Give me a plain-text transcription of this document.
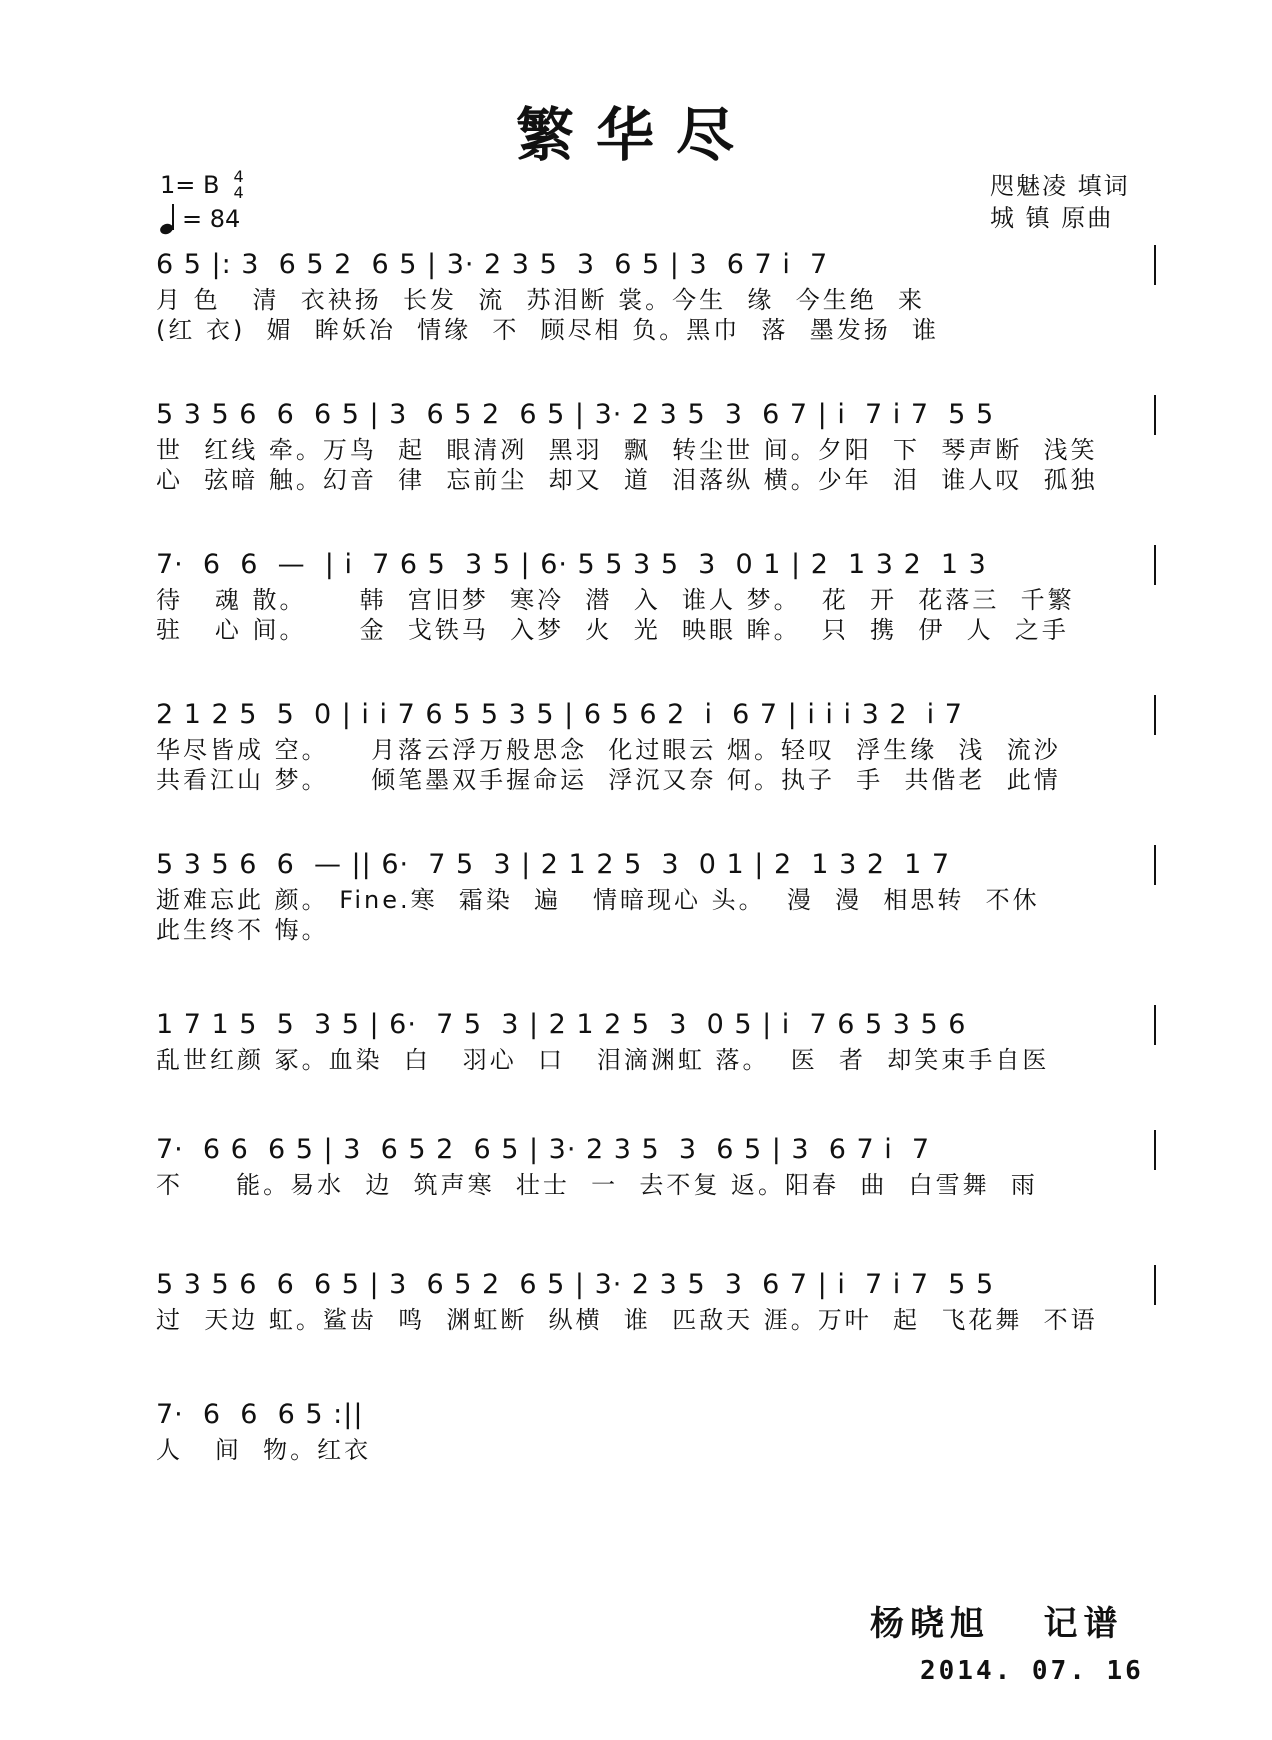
繁华尽
1= B 4
4
= 84
咫魅凌 填词
城 镇 原曲
6 5 |: 3  6 5 2  6 5 | 3· 2 3 5  3  6 5 | 3  6 7 i  7
月 色   清  衣袂扬  长发  流  苏泪断 裳。今生  缘  今生绝  来
(红 衣)  媚  眸妖冶  情缘  不  顾尽相 负。黑巾  落  墨发扬  谁
5 3 5 6  6  6 5 | 3  6 5 2  6 5 | 3· 2 3 5  3  6 7 | i  7 i 7  5 5
世  红线 牵。万鸟  起  眼清冽  黑羽  飘  转尘世 间。夕阳  下  琴声断  浅笑
心  弦暗 触。幻音  律  忘前尘  却又  道  泪落纵 横。少年  泪  谁人叹  孤独
7·  6  6  —  | i  7 6 5  3 5 | 6· 5 5 3 5  3  0 1 | 2  1 3 2  1 3
待   魂 散。     韩  宫旧梦  寒冷  潜  入  谁人 梦。  花  开  花落三  千繁
驻   心 间。     金  戈铁马  入梦  火  光  映眼 眸。  只  携  伊  人  之手
2 1 2 5  5  0 | i i 7 6 5 5 3 5 | 6 5 6 2  i  6 7 | i i i 3 2  i 7
华尽皆成 空。    月落云浮万般思念  化过眼云 烟。轻叹  浮生缘  浅  流沙
共看江山 梦。    倾笔墨双手握命运  浮沉又奈 何。执子  手  共偕老  此情
5 3 5 6  6  — || 6·  7 5  3 | 2 1 2 5  3  0 1 | 2  1 3 2  1 7
逝难忘此 颜。 Fine.寒  霜染  遍   情暗现心 头。  漫  漫  相思转  不休
此生终不 悔。
1 7 1 5  5  3 5 | 6·  7 5  3 | 2 1 2 5  3  0 5 | i  7 6 5 3 5 6
乱世红颜 冢。血染  白   羽心  口   泪滴渊虹 落。  医  者  却笑束手自医
7·  6 6  6 5 | 3  6 5 2  6 5 | 3· 2 3 5  3  6 5 | 3  6 7 i  7
不     能。易水  边  筑声寒  壮士  一  去不复 返。阳春  曲  白雪舞  雨
5 3 5 6  6  6 5 | 3  6 5 2  6 5 | 3· 2 3 5  3  6 7 | i  7 i 7  5 5
过  天边 虹。鲨齿  鸣  渊虹断  纵横  谁  匹敌天 涯。万叶  起  飞花舞  不语
7·  6  6  6 5 :||
人   间  物。红衣
杨晓旭   记谱
2014. 07. 16
